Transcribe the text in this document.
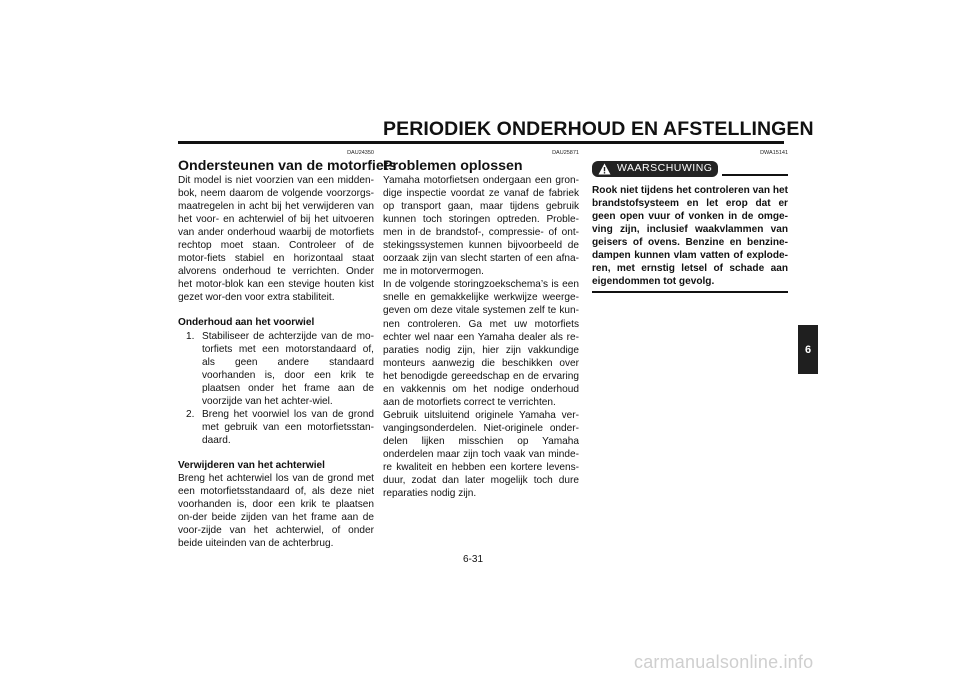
PERIODIEK ONDERHOUD EN AFSTELLINGEN
DAU24350
Ondersteunen van de motorfiets

Dit model is niet voorzien van een midden-bok, neem daarom de volgende voorzorgs-maatregelen in acht bij het verwijderen van het voor- en achterwiel of bij het uitvoeren van ander onderhoud waarbij de motorfiets rechtop moet staan. Controleer of de motor-fiets stabiel en horizontaal staat alvorens onderhoud te verrichten. Onder het motor-blok kan een stevige houten kist gezet wor-den voor extra stabiliteit.

Onderhoud aan het voorwiel
1. Stabiliseer de achterzijde van de mo-torfiets met een motorstandaard of, als geen andere standaard voorhanden is, door een krik te plaatsen onder het frame aan de voorzijde van het achter-wiel.
2. Breng het voorwiel los van de grond met gebruik van een motorfietsstan-daard.
Verwijderen van het achterwiel

Breng het achterwiel los van de grond met een motorfietsstandaard of, als deze niet voorhanden is, door een krik te plaatsen on-der beide zijden van het frame aan de voor-zijde van het achterwiel, of onder beide uiteinden van de achterbrug.

DAU25871
Problemen oplossen

Yamaha motorfietsen ondergaan een gron-dige inspectie voordat ze vanaf de fabriek op transport gaan, maar tijdens gebruik kunnen toch storingen optreden. Proble-men in de brandstof-, compressie- of ont-stekingssystemen kunnen bijvoorbeeld de oorzaak zijn van slecht starten of een afna-me in motorvermogen.

In de volgende storingzoekschema’s is een snelle en gemakkelijke werkwijze weerge-geven om deze vitale systemen zelf te kun-nen controleren. Ga met uw motorfiets echter wel naar een Yamaha dealer als re-paraties nodig zijn, hier zijn vakkundige monteurs aanwezig die beschikken over het benodigde gereedschap en de ervaring en vakkennis om het nodige onderhoud aan de motorfiets correct te verrichten.

Gebruik uitsluitend originele Yamaha ver-vangingsonderdelen. Niet-originele onder-delen lijken misschien op Yamaha onderdelen maar zijn toch vaak van minde-re kwaliteit en hebben een kortere levens-duur, zodat dan later mogelijk toch dure reparaties nodig zijn.

DWA15141
WAARSCHUWING

Rook niet tijdens het controleren van het brandstofsysteem en let erop dat er geen open vuur of vonken in de omge-ving zijn, inclusief waakvlammen van geisers of ovens. Benzine en benzine-dampen kunnen vlam vatten of explode-ren, met ernstig letsel of schade aan eigendommen tot gevolg.

6
6-31
carmanualsonline.info
